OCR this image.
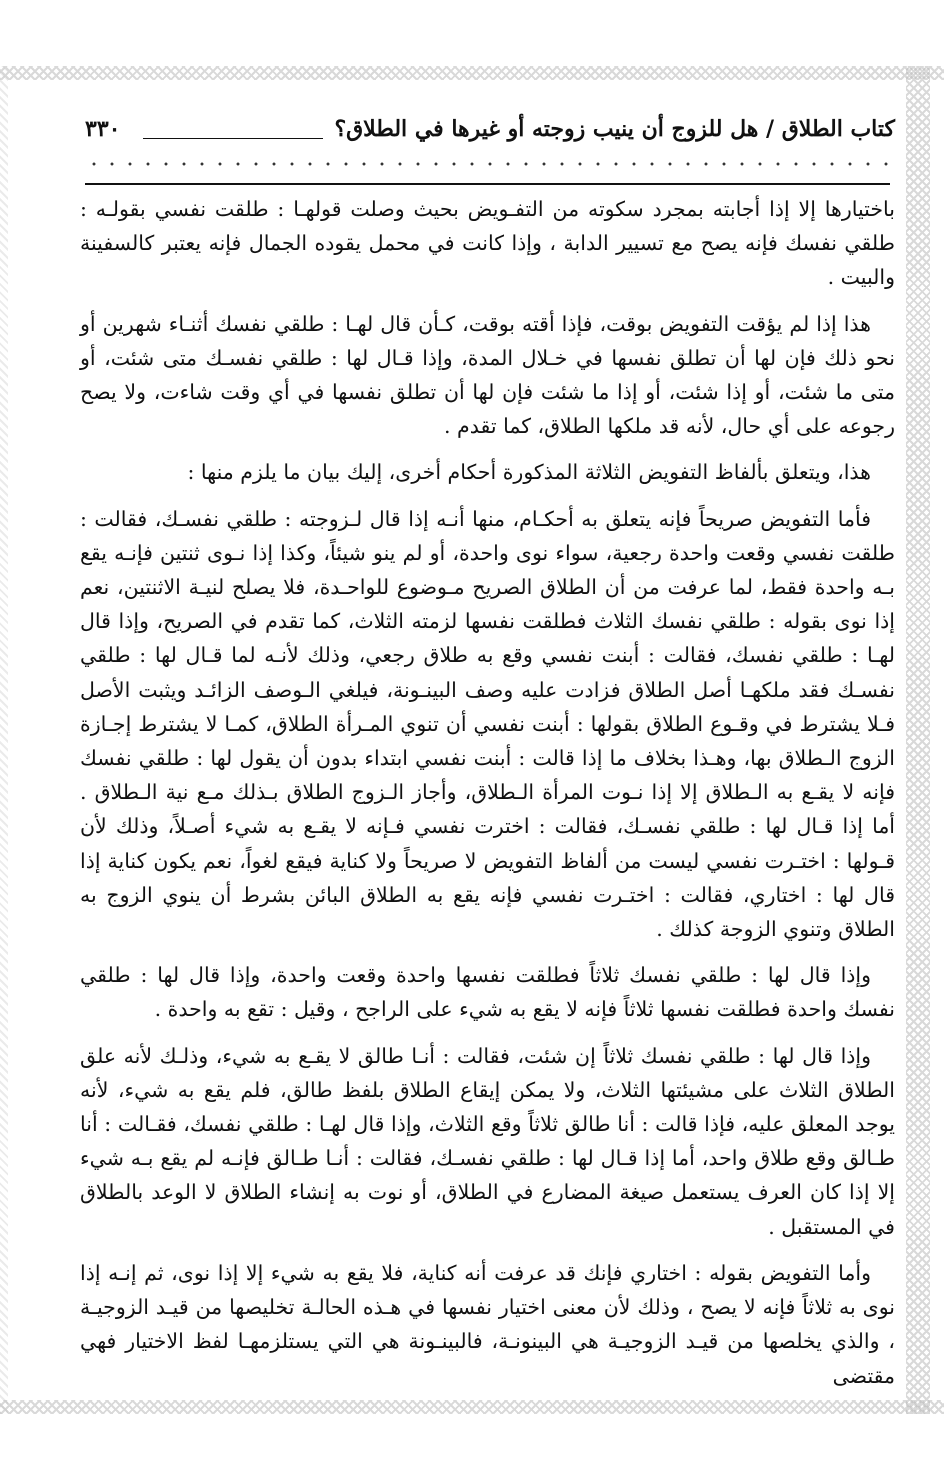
كتاب الطلاق / هل للزوج أن ينيب زوجته أو غيرها في الطلاق؟
٣٣٠

باختيارها إلا إذا أجابته بمجرد سكوته من التفـويض بحيث وصلت قولهـا : طلقت نفسي بقولـه : طلقي نفسك فإنه يصح مع تسيير الدابة ، وإذا كانت في محمل يقوده الجمال فإنه يعتبر كالسفينة والبيت .

هذا إذا لم يؤقت التفويض بوقت، فإذا أقته بوقت، كـأن قال لهـا : طلقي نفسك أثنـاء شهرين أو نحو ذلك فإن لها أن تطلق نفسها في خـلال المدة، وإذا قـال لها : طلقي نفسـك متى شئت، أو متى ما شئت، أو إذا شئت، أو إذا ما شئت فإن لها أن تطلق نفسها في أي وقت شاءت، ولا يصح رجوعه على أي حال، لأنه قد ملكها الطلاق، كما تقدم .

هذا، ويتعلق بألفاظ التفويض الثلاثة المذكورة أحكام أخرى، إليك بيان ما يلزم منها :

فأما التفويض صريحاً فإنه يتعلق به أحكـام، منها أنـه إذا قال لـزوجته : طلقي نفسـك، فقالت : طلقت نفسي وقعت واحدة رجعية، سواء نوى واحدة، أو لم ينو شيئاً، وكذا إذا نـوى ثنتين فإنـه يقع بـه واحدة فقط، لما عرفت من أن الطلاق الصريح مـوضوع للواحـدة، فلا يصلح لنيـة الاثنتين، نعم إذا نوى بقوله : طلقي نفسك الثلاث فطلقت نفسها لزمته الثلاث، كما تقدم في الصريح، وإذا قال لهـا : طلقي نفسك، فقالت : أبنت نفسي وقع به طلاق رجعي، وذلك لأنـه لما قـال لها : طلقي نفسـك فقد ملكهـا أصل الطلاق فزادت عليه وصف البينـونة، فيلغي الـوصف الزائـد ويثبت الأصل فـلا يشترط في وقـوع الطلاق بقولها : أبنت نفسي أن تنوي المـرأة الطلاق، كمـا لا يشترط إجـازة الزوج الـطلاق بها، وهـذا بخلاف ما إذا قالت : أبنت نفسي ابتداء بدون أن يقول لها : طلقي نفسك فإنه لا يقـع به الـطلاق إلا إذا نـوت المرأة الـطلاق، وأجاز الـزوج الطلاق بـذلك مـع نية الـطلاق . أما إذا قـال لها : طلقي نفسـك، فقالت : اخترت نفسي فـإنه لا يقـع به شيء أصـلاً، وذلك لأن قـولها : اختـرت نفسي ليست من ألفاظ التفويض لا صريحاً ولا كناية فيقع لغواً، نعم يكون كناية إذا قال لها : اختاري، فقالت : اختـرت نفسي فإنه يقع به الطلاق البائن بشرط أن ينوي الزوج به الطلاق وتنوي الزوجة كذلك .

وإذا قال لها : طلقي نفسك ثلاثاً فطلقت نفسها واحدة وقعت واحدة، وإذا قال لها : طلقي نفسك واحدة فطلقت نفسها ثلاثاً فإنه لا يقع به شيء على الراجح ، وقيل : تقع به واحدة .

وإذا قال لها : طلقي نفسك ثلاثاً إن شئت، فقالت : أنـا طالق لا يقـع به شيء، وذلـك لأنه علق الطلاق الثلاث على مشيئتها الثلاث، ولا يمكن إيقاع الطلاق بلفظ طالق، فلم يقع به شيء، لأنه يوجد المعلق عليه، فإذا قالت : أنا طالق ثلاثاً وقع الثلاث، وإذا قال لهـا : طلقي نفسك، فقـالت : أنا طـالق وقع طلاق واحد، أما إذا قـال لها : طلقي نفسـك، فقالت : أنـا طـالق فإنـه لم يقع بـه شيء إلا إذا كان العرف يستعمل صيغة المضارع في الطلاق، أو نوت به إنشاء الطلاق لا الوعد بالطلاق في المستقبل .

وأما التفويض بقوله : اختاري فإنك قد عرفت أنه كناية، فلا يقع به شيء إلا إذا نوى، ثم إنـه إذا نوى به ثلاثاً فإنه لا يصح ، وذلك لأن معنى اختيار نفسها في هـذه الحالـة تخليصها من قيـد الزوجيـة ، والذي يخلصها من قيـد الزوجيـة هي البينونـة، فالبينـونة هي التي يستلزمهـا لفظ الاختيار فهي مقتضى
